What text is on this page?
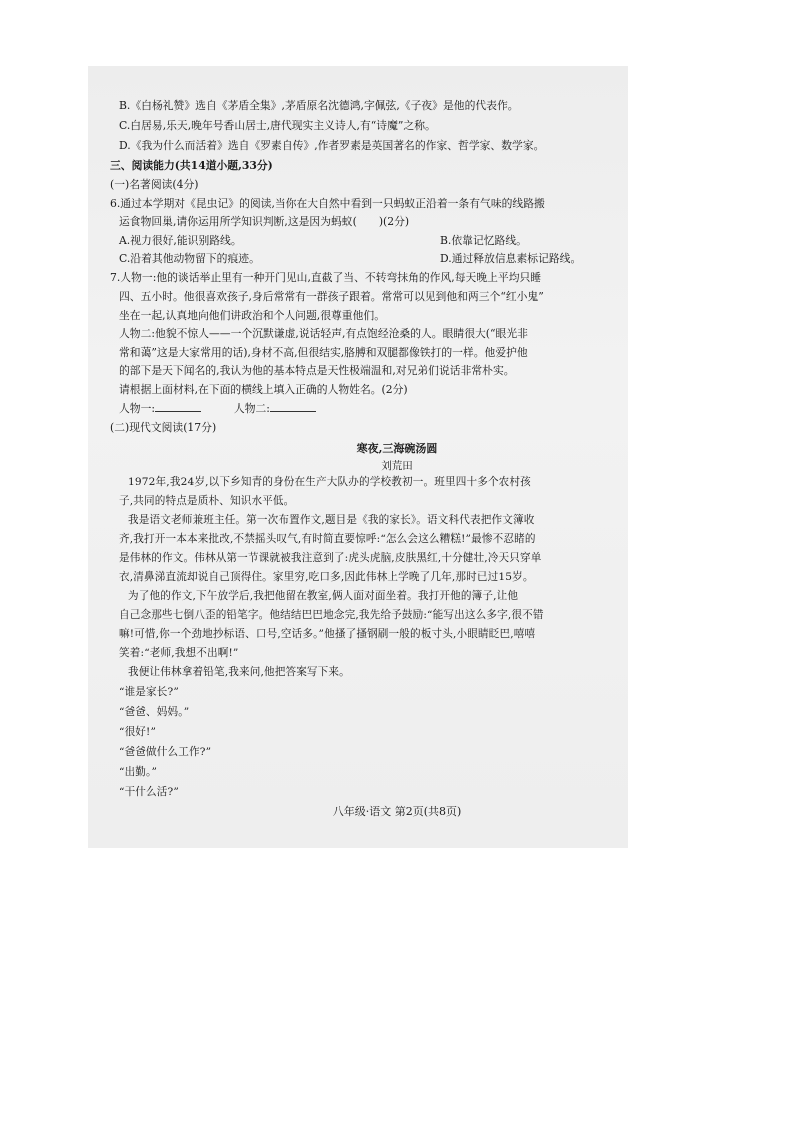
B.《白杨礼赞》选自《茅盾全集》,茅盾原名沈德鸿,字佩弦,《子夜》是他的代表作。
C.白居易,乐天,晚年号香山居士,唐代现实主义诗人,有“诗魔”之称。
D.《我为什么而活着》选自《罗素自传》,作者罗素是英国著名的作家、哲学家、数学家。
三、阅读能力(共14道小题,33分)
(一)名著阅读(4分)
6.通过本学期对《昆虫记》的阅读,当你在大自然中看到一只蚂蚁正沿着一条有气味的线路搬
运食物回巢,请你运用所学知识判断,这是因为蚂蚁( )(2分)
A.视力很好,能识别路线。	B.依靠记忆路线。
C.沿着其他动物留下的痕迹。	D.通过释放信息素标记路线。
7.人物一:他的谈话举止里有一种开门见山,直截了当、不转弯抹角的作风,每天晚上平均只睡
四、五小时。他很喜欢孩子,身后常常有一群孩子跟着。常常可以见到他和两三个“红小鬼”
坐在一起,认真地向他们讲政治和个人问题,很尊重他们。
人物二:他貌不惊人——一个沉默谦虚,说话轻声,有点饱经沧桑的人。眼睛很大(“眼光非
常和蔼”这是大家常用的话),身材不高,但很结实,胳膊和双腿都像铁打的一样。他爱护他
的部下是天下闻名的,我认为他的基本特点是天性极端温和,对兄弟们说话非常朴实。
请根据上面材料,在下面的横线上填入正确的人物姓名。(2分)
人物一:	人物二:
(二)现代文阅读(17分)
寒夜,三海碗汤圆
刘荒田
1972年,我24岁,以下乡知青的身份在生产大队办的学校教初一。班里四十多个农村孩
子,共同的特点是质朴、知识水平低。
我是语文老师兼班主任。第一次布置作文,题目是《我的家长》。语文科代表把作文簿收
齐,我打开一本本来批改,不禁摇头叹气,有时简直要惊呼:“怎么会这么糟糕!”最惨不忍睹的
是伟林的作文。伟林从第一节课就被我注意到了:虎头虎脑,皮肤黑红,十分健壮,冷天只穿单
衣,清鼻涕直流却说自己顶得住。家里穷,吃口多,因此伟林上学晚了几年,那时已过15岁。
为了他的作文,下午放学后,我把他留在教室,俩人面对面坐着。我打开他的簿子,让他
自己念那些七倒八歪的铅笔字。他结结巴巴地念完,我先给予鼓励:“能写出这么多字,很不错
嘛!可惜,你一个劲地抄标语、口号,空话多。”他搔了搔钢刷一般的板寸头,小眼睛眨巴,嘻嘻
笑着:“老师,我想不出啊!”
我便让伟林拿着铅笔,我来问,他把答案写下来。
“谁是家长?”
“爸爸、妈妈。”
“很好!”
“爸爸做什么工作?”
“出勤。”
“干什么活?”
八年级·语文 第2页(共8页)
